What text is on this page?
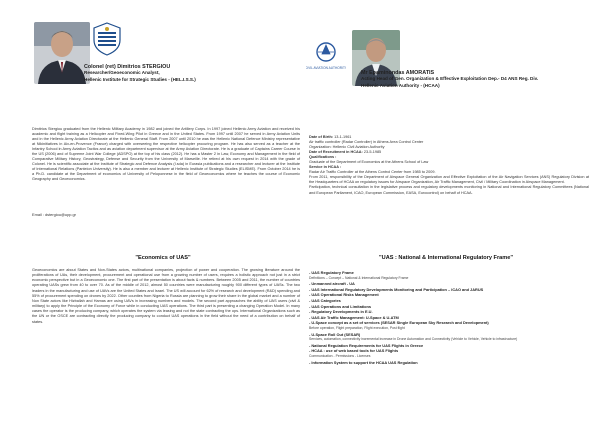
Colonel (ret) Dimitrios STERGIOU
Researcher/Geoeconomic Analyst,
Hellenic Institute for Strategic Studies - (HEL.I.S.S.)
Dimitrios Stergiou graduated from the Hellenic Military Academy in 1982 and joined the Artillery Corps. In 1997 joined Hellenic Army Aviation and received his academic and flight training as a Helicopter and Fixed-Wing Pilot in Greece and in the United States. From 1997 until 2007 he served in Army Aviation Units and in the Hellenic Army Aviation Directorate at the Hellenic General Staff. From 2007 until 2010 he was the Hellenic National Defence Ministry representative at Nikinitiatives in Aix-en-Provence (France) charged with overseeing the respective helicopter procuring program. He has also served as a teacher at the Infantry School in Army Aviation Tactics and as aviation department supervisor at the Army Aviation Directorate. He is a graduate of Captains Career Course in the US (2006) and of Supreme Joint War College (ADSPO) at the top of his class (2012). He has a Master 2 in Law, Economy and Management in the field of Comparative Military History, Geostrategy, Defense and Security from the University of Marseille. He retired at his own request in 2014 with the grade of Colonel. He is scientific associate at the Institute of Strategic and Defence Analysis (I.sda) in Eurasia publications and a researcher and lecturer at the Institute of International Relations (Panteion University). He is also a member and lecturer at Hellenic Institute of Strategic Studies (ELISME). From October 2014 he is a Ph.D. candidate at the Department of economics of University of Peloponnese in the field of Geoeconomics where he teaches the course of Economic Geography and Geoeconomics.
Email : dstergiou@upp.gr
"Economics of UAS"
Geoeconomics are about States and Non-States actors, multinational companies, projection of power and cooperation. The growing literature around the proliferations of UAs, their development, procurement and operational use from a growing number of users, requires a holistic approach not just in a strict economic perspective but in a Geoeconomic one. The first part of the presentation is about facts & numbers. Between 2005 and 2011, the number of countries operating UASs grew from 40 to over 70. As of the middle of 2012, almost 50 countries were manufacturing roughly 900 different types of UASs. The two leaders in the manufacturing and use of UAVs are the United States and Israel. The US will account for 62% of research and development (R&D) spending and 55% of procurement spending on drones by 2022. Other counties from Nigeria to Russia are planning to grow their share in the global market and a number of Non State actors like Hizballah and Hamas are using UAVs in increasing numbers and models. The second part approaches the ability of UAS users (civil & military) to apply the Principle of the Economy of Force while in conducting UAS operations. The third part is presenting a changing Operation Model. In many cases the operator is the producing company, which operates the system via leasing and not the state contracting the ops. International Organizations such as the UN or the OSCE are contracting directly the producing company to conduct UAS operations in the field without the need of a contribution on behalf of states.
CIVIL AVIATION AUTHORITY
Mr Epaminondas AMORATIS
Acting Head of Gen. Organization & Effective Exploitation Dep.- D4 ANS Reg. Div.
Hellenic Aviation Authority - (HCAA)
Date of Birth: 13-1-1961
Air traffic controller (Radar Controller) in Athens Area Control Center
Organization: Hellenic Civil Aviation Authority
Date of Recruitment in HCAA: 23-5-1985
Qualifications :
Graduate of the Department of Economics at the Athens School of Law
Service in HCAA :
Radar Air Traffic Controller at the Athens Control Center from 1985 to 2009.
From 2011, responsibility of the Department of Airspace General Organization and Effective Exploitation of the Air Navigation Services (ANS) Regulatory Division at the Headquarters of HCAA on regulatory issues for Airspace Organization, Air Traffic Management, Civil / Military Coordination in Airspace Management.
Participation, technical consultation in the legislative process and regulatory developments monitoring in National and International Regulatory Committees (National and European Parliament, ICAO, European Commission, EASA, Eurocontrol) on behalf of HCAA.
"UAS : National & International Regulatory Frame"
- UAS Regulatory Frame
Definitions – Concept – National & International Regulatory Frame
- Unmanned aircraft - UA
- UAS International Regulatory Developments Monitoring and Participation – ICAO and JARUS
- UAS Operational Risks Management
- UAS Categories
- UAS Operations and Limitations
- Regulatory Developments in E.U.
- UAS Air Traffic Management: U-Space & U-ATM
- U-Space concept as a set of services (SESAR Single European Sky Research and Development)
Before operation, Flight preparation, Flight execution, Post flight
- U-Space Roll Out (SESAR)
Services, automation, connectivity incremental increase in Drone Automation and Connectivity (Vehicle to Vehicle, Vehicle to infrastructure)
- National Regulation Requirements for UAS Flights in Greece
- HCAA : use of web based tools for UAS Flights
Communication - Permissions - Licenses
- Information System to support the HCAA UAS Regulation
